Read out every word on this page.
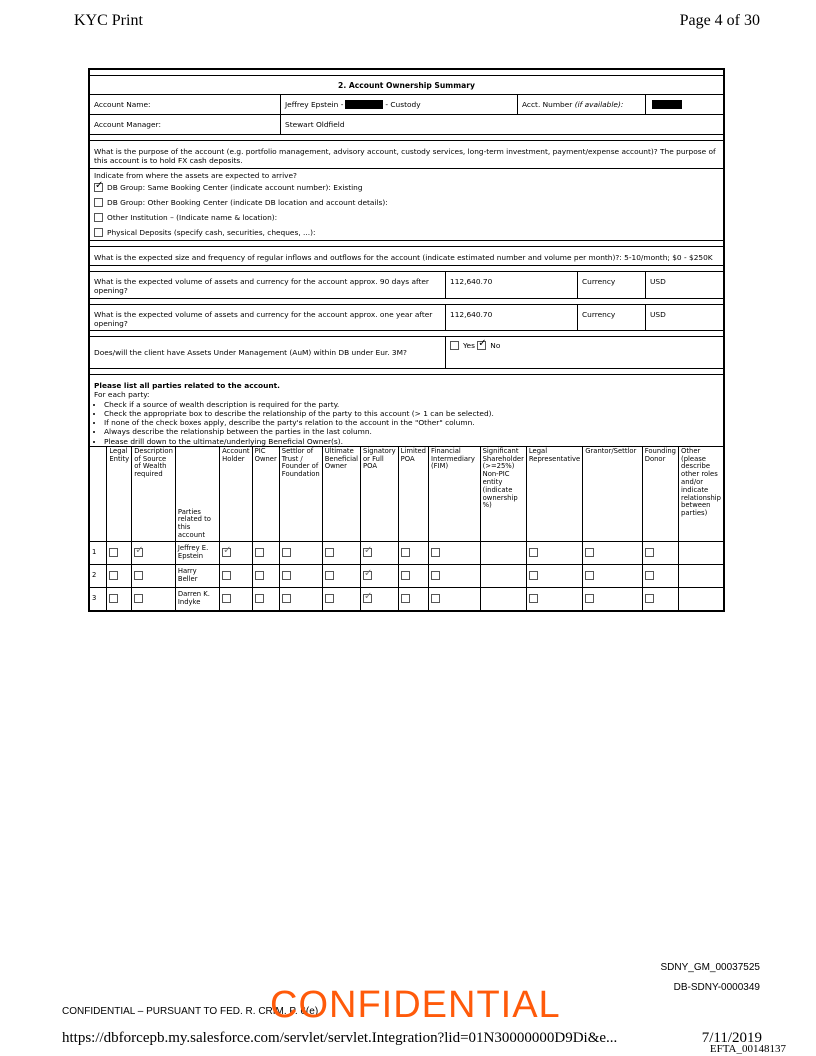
KYC Print	Page 4 of 30
2. Account Ownership Summary
Account Name:	Jeffrey Epstein -	- Custody	Acct. Number
(if available):
Account Manager:	Stewart Oldfield
What is the purpose of the account (e.g. portfolio management, advisory account, custody services, long-term investment, payment/expense account)? The purpose of this account is to hold FX cash deposits.
Indicate from where the assets are expected to arrive?
✓
DB Group: Same Booking Center (indicate account number): Existing
DB Group: Other Booking Center (indicate DB location and account details):
Other Institution – (Indicate name & location):
Physical Deposits (specify cash, securities, cheques, ...):
What is the expected size and frequency of regular inflows and outflows for the account (indicate estimated number and volume per month)?: 5-10/month; $0 - $250K
What is the expected volume of assets and currency for the account approx. 90 days after opening?
112,640.70	Currency	USD
What is the expected volume of assets and currency for the account approx. one year after opening?
112,640.70	Currency	USD
Does/will the client have Assets Under Management (AuM) within DB under Eur. 3M?
Yes
✓ No
Please list all parties related to the account.
For each party:
• Check if a source of wealth description is required for the party.
• Check the appropriate box to describe the relationship of the party to this account (> 1 can be selected).
• If none of the check boxes apply, describe the party's relation to the account in the "Other" column.
• Always describe the relationship between the parties in the last column.
• Please drill down to the ultimate/underlying Beneficial Owner(s).
	Legal Entity	Description of Source of Wealth required	Parties related to this account	Account Holder	PIC Owner	Settlor of Trust / Founder of Foundation	Ultimate Beneficial Owner	Signatory or Full POA	Limited POA	Financial Intermediary (FIM)	Significant Shareholder (>=25%) Non-PIC entity (indicate ownership %)	Legal Representative	Grantor/Settlor	Founding Donor	Other (please describe other roles and/or indicate relationship between parties)
1		✓	Jeffrey E. Epstein	✓				✓							
2			Harry Beller					✓							
3			Darren K. Indyke					✓							
SDNY_GM_00037525
DB-SDNY-0000349
CONFIDENTIAL – PURSUANT TO FED. R. CRIM. P. 6(e)
CONFIDENTIAL
https://dbforcepb.my.salesforce.com/servlet/servlet.Integration?lid=01N30000000D9Di&e...	7/11/2019
EFTA_00148137
